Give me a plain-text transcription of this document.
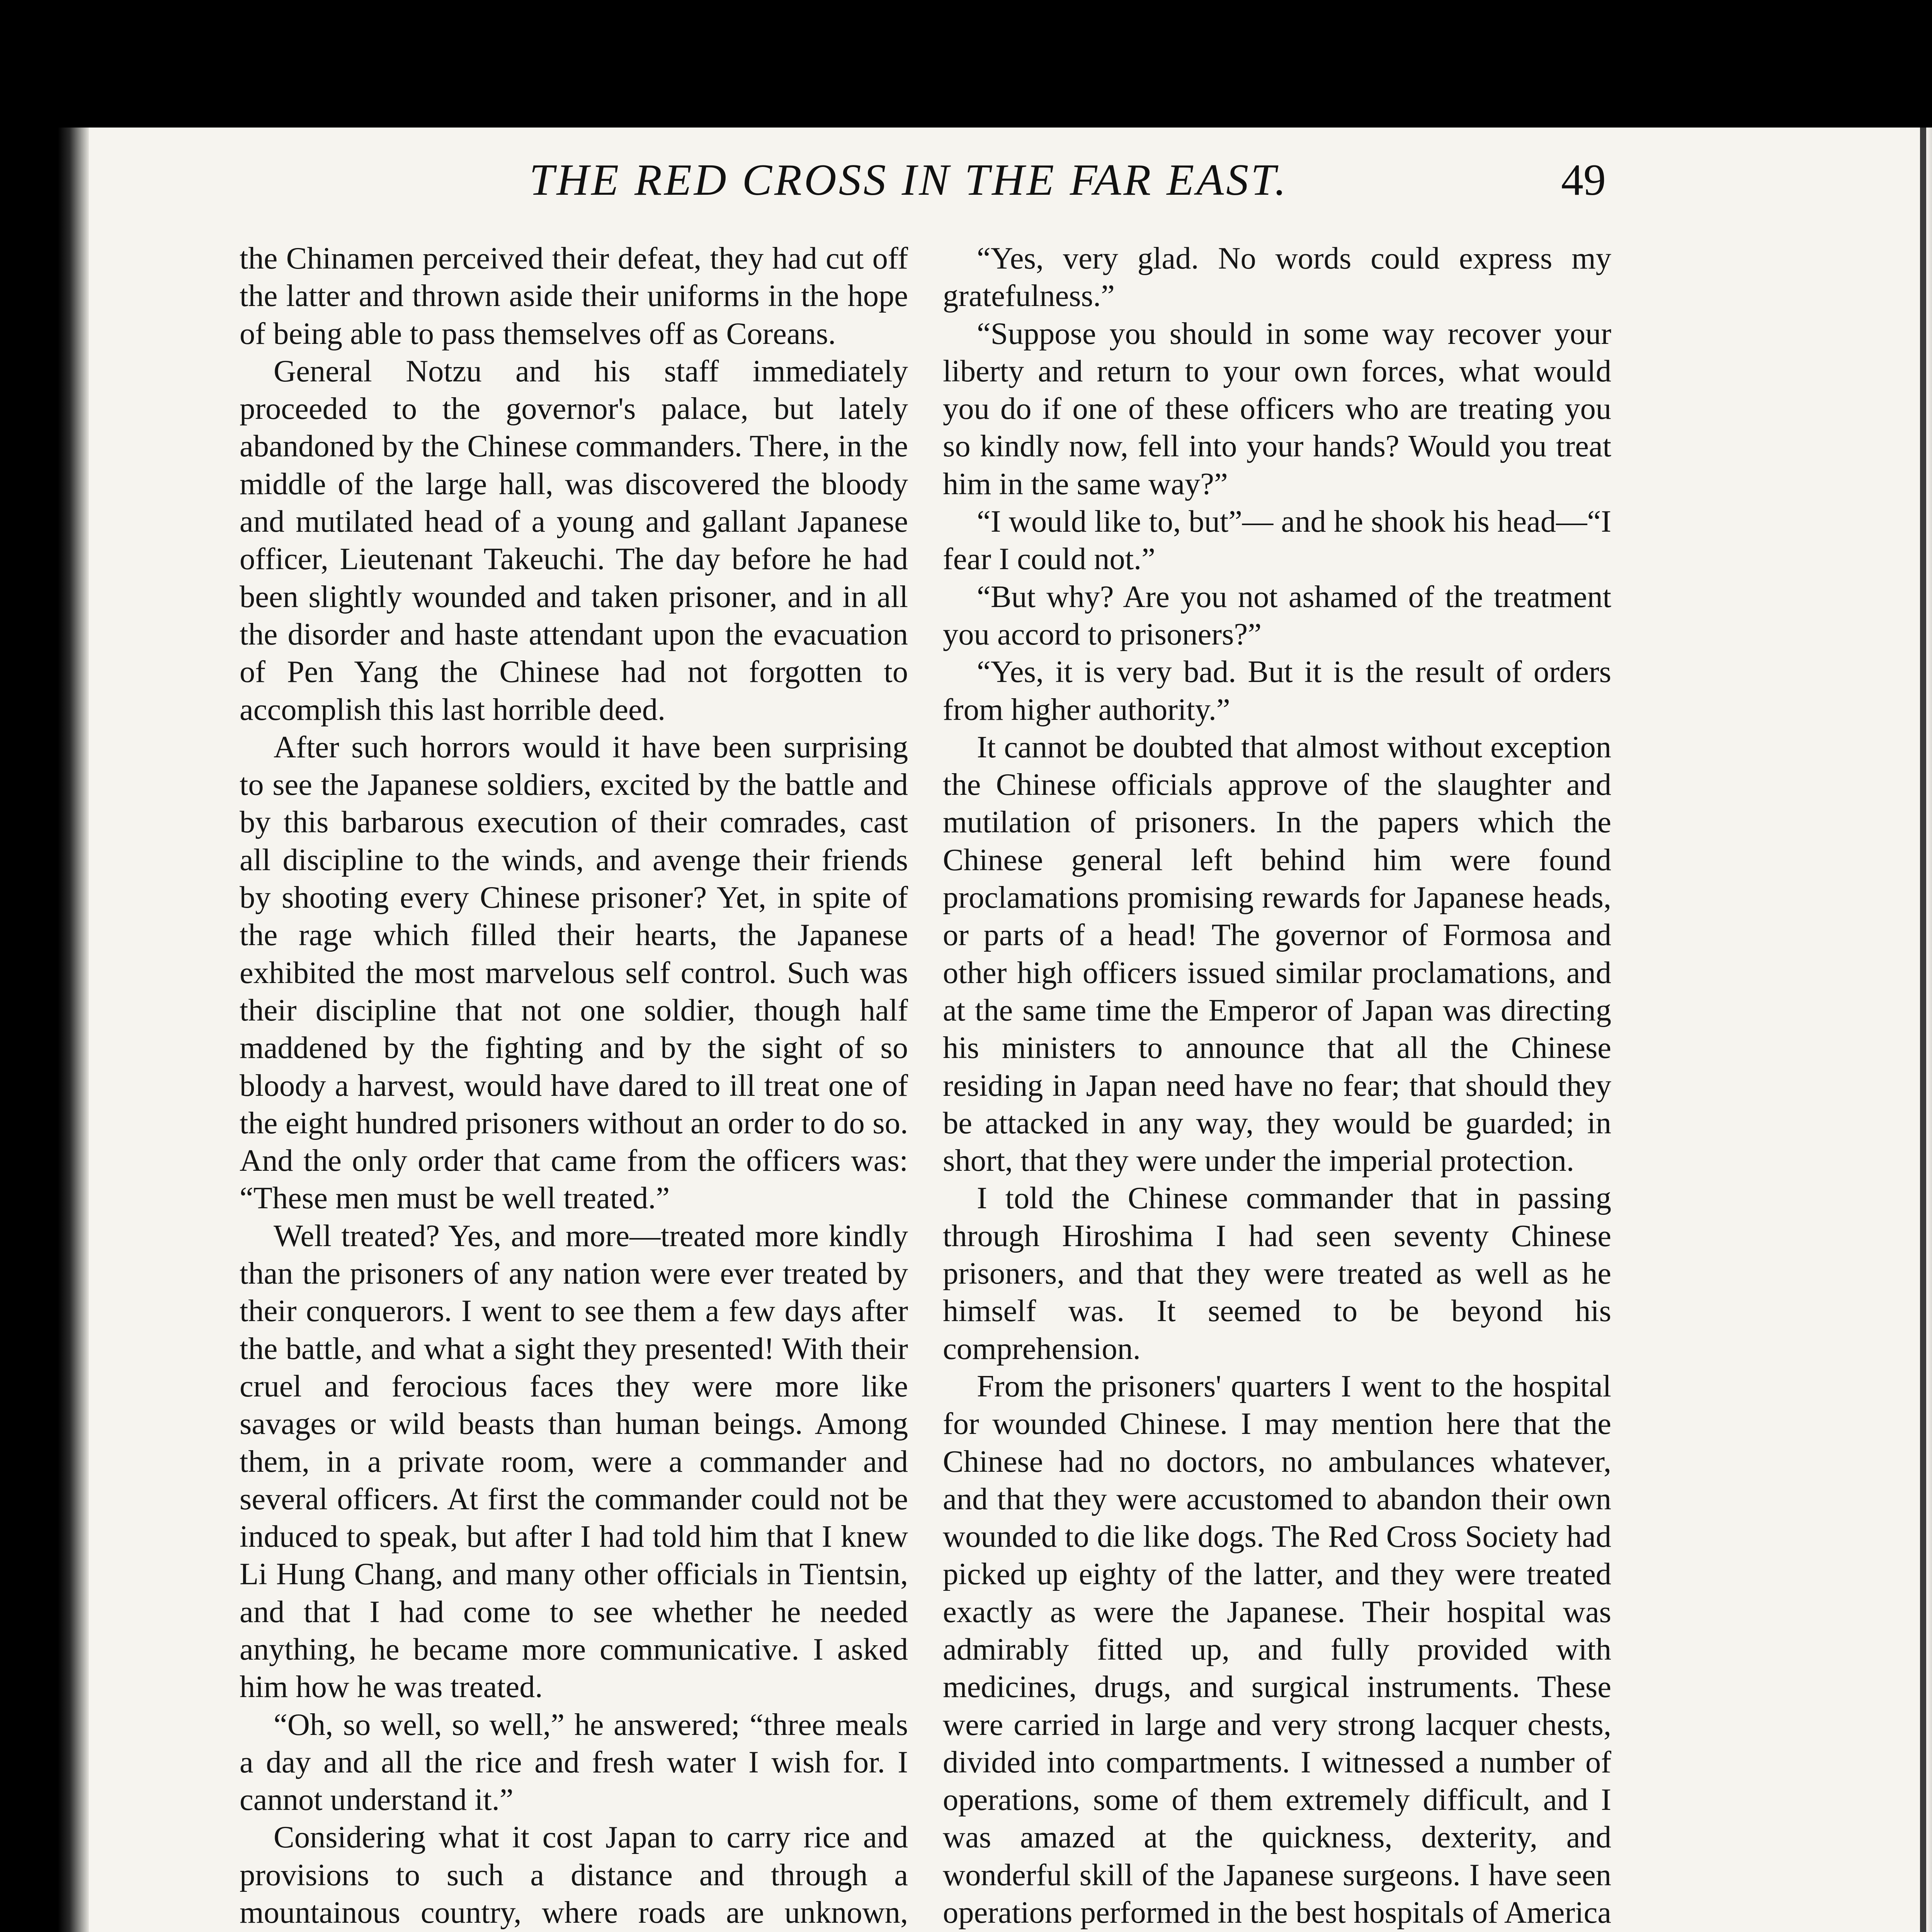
THE RED CROSS IN THE FAR EAST.	49

the Chinamen perceived their defeat, they had cut off the latter and thrown aside their uniforms in the hope of being able to pass themselves off as Coreans.

General Notzu and his staff immediately proceeded to the governor's palace, but lately abandoned by the Chinese commanders. There, in the middle of the large hall, was discovered the bloody and mutilated head of a young and gallant Japanese officer, Lieutenant Takeuchi. The day before he had been slightly wounded and taken prisoner, and in all the disorder and haste attendant upon the evacuation of Pen Yang the Chinese had not forgotten to accomplish this last horrible deed.

After such horrors would it have been surprising to see the Japanese soldiers, excited by the battle and by this barbarous execution of their comrades, cast all discipline to the winds, and avenge their friends by shooting every Chinese prisoner? Yet, in spite of the rage which filled their hearts, the Japanese exhibited the most marvelous self control. Such was their discipline that not one soldier, though half maddened by the fighting and by the sight of so bloody a harvest, would have dared to ill treat one of the eight hundred prisoners without an order to do so. And the only order that came from the officers was: “These men must be well treated.”

Well treated? Yes, and more—treated more kindly than the prisoners of any nation were ever treated by their conquerors. I went to see them a few days after the battle, and what a sight they presented! With their cruel and ferocious faces they were more like savages or wild beasts than human beings. Among them, in a private room, were a commander and several officers. At first the commander could not be induced to speak, but after I had told him that I knew Li Hung Chang, and many other officials in Tientsin, and that I had come to see whether he needed anything, he became more communicative. I asked him how he was treated.

“Oh, so well, so well,” he answered; “three meals a day and all the rice and fresh water I wish for. I cannot understand it.”

Considering what it cost Japan to carry rice and provisions to such a distance and through a mountainous country, where roads are unknown,

“Yes, very glad. No words could express my gratefulness.”

“Suppose you should in some way recover your liberty and return to your own forces, what would you do if one of these officers who are treating you so kindly now, fell into your hands? Would you treat him in the same way?”

“I would like to, but”— and he shook his head—“I fear I could not.”

“But why? Are you not ashamed of the treatment you accord to prisoners?”

“Yes, it is very bad. But it is the result of orders from higher authority.”

It cannot be doubted that almost without exception the Chinese officials approve of the slaughter and mutilation of prisoners. In the papers which the Chinese general left behind him were found proclamations promising rewards for Japanese heads, or parts of a head! The governor of Formosa and other high officers issued similar proclamations, and at the same time the Emperor of Japan was directing his ministers to announce that all the Chinese residing in Japan need have no fear; that should they be attacked in any way, they would be guarded; in short, that they were under the imperial protection.

I told the Chinese commander that in passing through Hiroshima I had seen seventy Chinese prisoners, and that they were treated as well as he himself was. It seemed to be beyond his comprehension.

From the prisoners' quarters I went to the hospital for wounded Chinese. I may mention here that the Chinese had no doctors, no ambulances whatever, and that they were accustomed to abandon their own wounded to die like dogs. The Red Cross Society had picked up eighty of the latter, and they were treated exactly as were the Japanese. Their hospital was admirably fitted up, and fully provided with medicines, drugs, and surgical instruments. These were carried in large and very strong lacquer chests, divided into compartments. I witnessed a number of operations, some of them extremely difficult, and I was amazed at the quickness, dexterity, and wonderful skill of the Japanese surgeons. I have seen operations performed in the best hospitals of America
